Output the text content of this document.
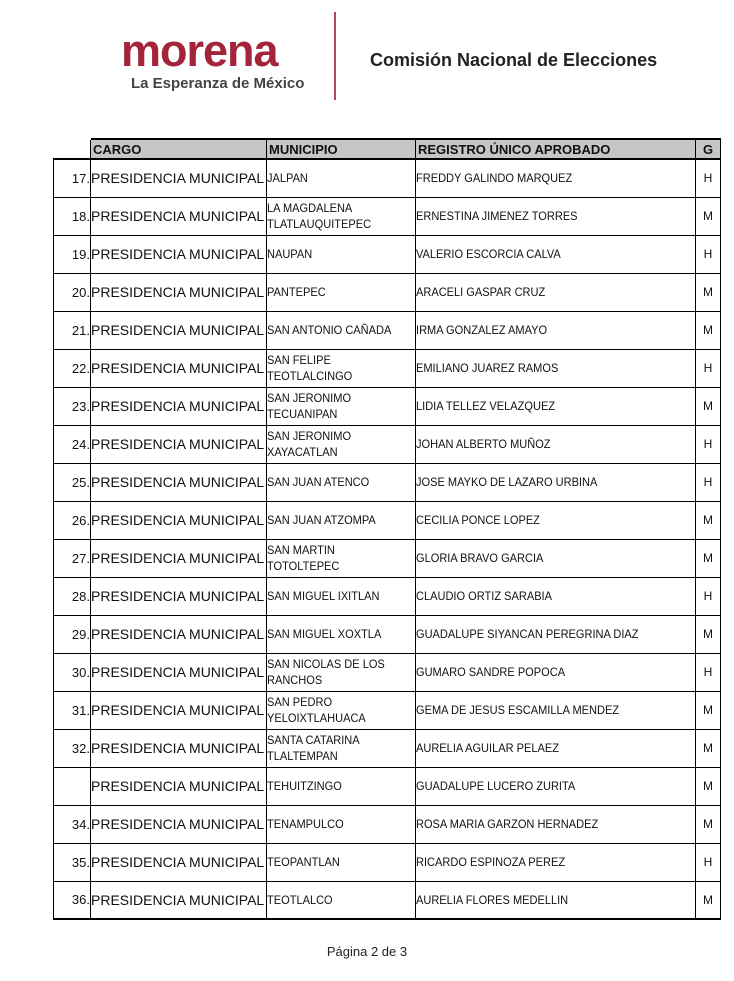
morena
La Esperanza de México
Comisión Nacional de Elecciones
	CARGO	MUNICIPIO	REGISTRO ÚNICO APROBADO	G
17.	PRESIDENCIA MUNICIPAL	JALPAN	FREDDY GALINDO MARQUEZ	H
18.	PRESIDENCIA MUNICIPAL	LA MAGDALENA
TLATLAUQUITEPEC	ERNESTINA JIMENEZ TORRES	M
19.	PRESIDENCIA MUNICIPAL	NAUPAN	VALERIO ESCORCIA CALVA	H
20.	PRESIDENCIA MUNICIPAL	PANTEPEC	ARACELI GASPAR CRUZ	M
21.	PRESIDENCIA MUNICIPAL	SAN ANTONIO CAÑADA	IRMA GONZALEZ AMAYO	M
22.	PRESIDENCIA MUNICIPAL	SAN FELIPE
TEOTLALCINGO	EMILIANO JUAREZ RAMOS	H
23.	PRESIDENCIA MUNICIPAL	SAN JERONIMO
TECUANIPAN	LIDIA TELLEZ VELAZQUEZ	M
24.	PRESIDENCIA MUNICIPAL	SAN JERONIMO
XAYACATLAN	JOHAN ALBERTO MUÑOZ	H
25.	PRESIDENCIA MUNICIPAL	SAN JUAN ATENCO	JOSE MAYKO DE LAZARO URBINA	H
26.	PRESIDENCIA MUNICIPAL	SAN JUAN ATZOMPA	CECILIA PONCE LOPEZ	M
27.	PRESIDENCIA MUNICIPAL	SAN MARTIN
TOTOLTEPEC	GLORIA BRAVO GARCIA	M
28.	PRESIDENCIA MUNICIPAL	SAN MIGUEL IXITLAN	CLAUDIO ORTIZ SARABIA	H
29.	PRESIDENCIA MUNICIPAL	SAN MIGUEL XOXTLA	GUADALUPE SIYANCAN PEREGRINA DIAZ	M
30.	PRESIDENCIA MUNICIPAL	SAN NICOLAS DE LOS
RANCHOS	GUMARO SANDRE POPOCA	H
31.	PRESIDENCIA MUNICIPAL	SAN PEDRO
YELOIXTLAHUACA	GEMA DE JESUS ESCAMILLA MENDEZ	M
32.	PRESIDENCIA MUNICIPAL	SANTA CATARINA
TLALTEMPAN	AURELIA AGUILAR PELAEZ	M
	PRESIDENCIA MUNICIPAL	TEHUITZINGO	GUADALUPE LUCERO ZURITA	M
34.	PRESIDENCIA MUNICIPAL	TENAMPULCO	ROSA MARIA GARZON HERNADEZ	M
35.	PRESIDENCIA MUNICIPAL	TEOPANTLAN	RICARDO ESPINOZA PEREZ	H
36.	PRESIDENCIA MUNICIPAL	TEOTLALCO	AURELIA FLORES MEDELLIN	M
Página 2 de 3
